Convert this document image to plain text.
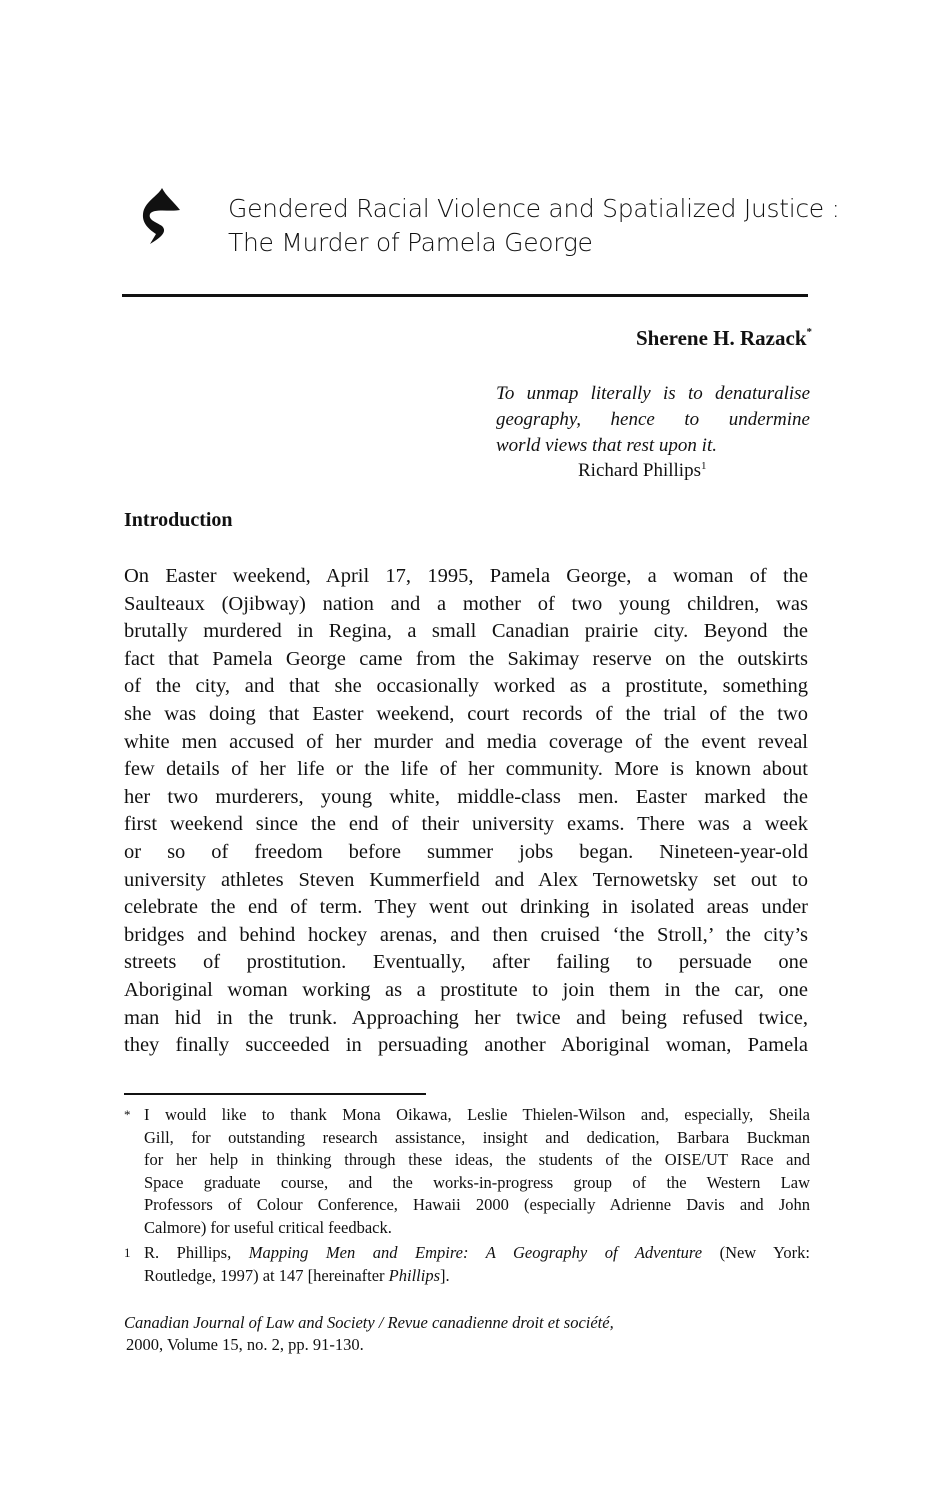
Gendered Racial Violence and Spatialized Justice :
The Murder of Pamela George
Sherene H. Razack*
To unmap literally is to denaturalise
geography, hence to undermine
world views that rest upon it.
Richard Phillips$^1$
Introduction
On Easter weekend, April 17, 1995, Pamela George, a woman of the
Saulteaux (Ojibway) nation and a mother of two young children, was
brutally murdered in Regina, a small Canadian prairie city. Beyond the
fact that Pamela George came from the Sakimay reserve on the outskirts
of the city, and that she occasionally worked as a prostitute, something
she was doing that Easter weekend, court records of the trial of the two
white men accused of her murder and media coverage of the event reveal
few details of her life or the life of her community. More is known about
her two murderers, young white, middle-class men. Easter marked the
first weekend since the end of their university exams. There was a week
or so of freedom before summer jobs began. Nineteen-year-old
university athletes Steven Kummerfield and Alex Ternowetsky set out to
celebrate the end of term. They went out drinking in isolated areas under
bridges and behind hockey arenas, and then cruised ‘the Stroll,’ the city’s
streets of prostitution. Eventually, after failing to persuade one
Aboriginal woman working as a prostitute to join them in the car, one
man hid in the trunk. Approaching her twice and being refused twice,
they finally succeeded in persuading another Aboriginal woman, Pamela
* I would like to thank Mona Oikawa, Leslie Thielen-Wilson and, especially, Sheila
Gill, for outstanding research assistance, insight and dedication, Barbara Buckman
for her help in thinking through these ideas, the students of the OISE/UT Race and
Space graduate course, and the works-in-progress group of the Western Law
Professors of Colour Conference, Hawaii 2000 (especially Adrienne Davis and John
Calmore) for useful critical feedback.
1 R. Phillips, Mapping Men and Empire: A Geography of Adventure (New York:
Routledge, 1997) at 147 [hereinafter Phillips].
Canadian Journal of Law and Society / Revue canadienne droit et société,
2000, Volume 15, no. 2, pp. 91-130.
